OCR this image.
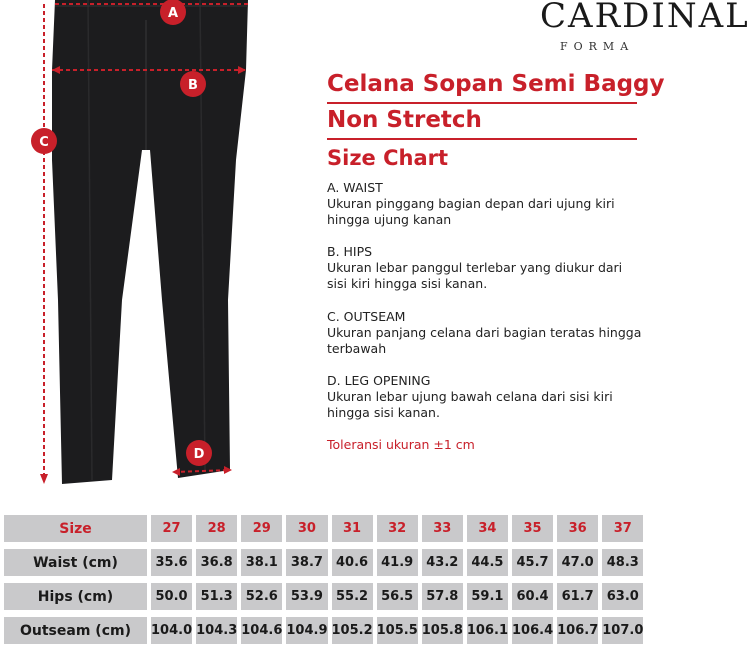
CARDINAL
FORMA
A
B
C
D
Celana Sopan Semi Baggy
Non Stretch
Size Chart
A. WAIST
Ukuran pinggang bagian depan dari ujung kiri hingga ujung kanan
B. HIPS
Ukuran lebar panggul terlebar yang diukur dari sisi kiri hingga sisi kanan.
C. OUTSEAM
Ukuran panjang celana dari bagian teratas hingga terbawah
D. LEG OPENING
Ukuran lebar ujung bawah celana dari sisi kiri hingga sisi kanan.
Toleransi ukuran ±1 cm
Size	27	28	29	30	31	32	33	34	35	36	37
Waist (cm)	35.6	36.8	38.1	38.7	40.6	41.9	43.2	44.5	45.7	47.0	48.3
Hips (cm)	50.0	51.3	52.6	53.9	55.2	56.5	57.8	59.1	60.4	61.7	63.0
Outseam (cm)	104.0	104.3	104.6	104.9	105.2	105.5	105.8	106.1	106.4	106.7	107.0
